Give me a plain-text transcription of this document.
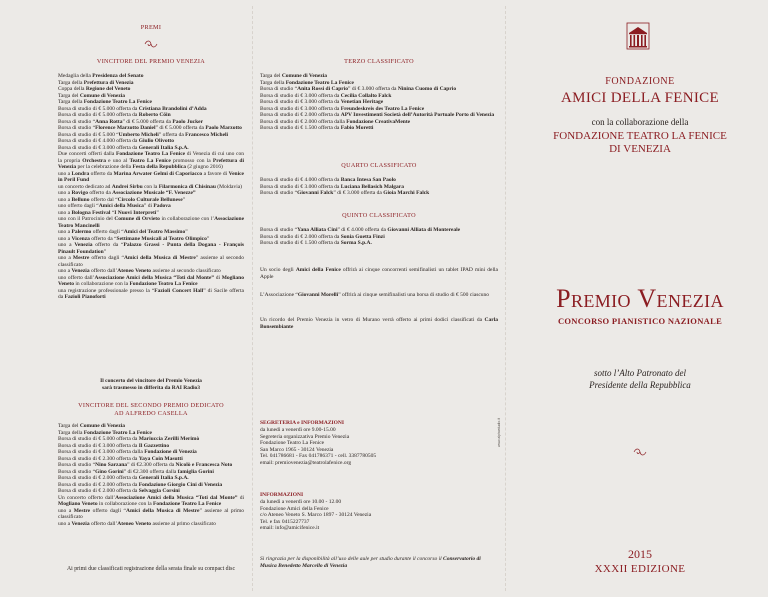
PREMI
VINCITORE DEL PREMIO VENEZIA
Medaglia della Presidenza del Senato
Targa della Prefettura di Venezia
Coppa della Regione del Veneto
Targa del Comune di Venezia
Targa della Fondazione Teatro La Fenice
Borsa di studio di € 5.000 offerta da Cristiana Brandolini d’Adda
Borsa di studio di € 5.000 offerta da Roberto Cöin
Borsa di studio “Anna Rotta” di € 5.000 offerta da Paolo Jucker
Borsa di studio “Florence Marzotto Daniel” di € 5.000 offerta da Paolo Marzotto
Borsa di studio di € 5.000 “Umberto Micheli” offerta da Francesco Micheli
Borsa di studio di € 4.000 offerta da Giulio Olivotto
Borsa di studio di € 3.000 offerta da Generali Italia S.p.A.
Due concerti offerti dalla Fondazione Teatro La Fenice di Venezia di cui uno con la propria Orchestra e uno al Teatro La Fenice promosso con la Prefettura di Venezia per la celebrazione della Festa della Repubblica (2 giugno 2016)
uno a Londra offerto da Marina Arwater Gelmi di Caporiacco a favore di Venice in Peril Fund
un concerto dedicato ad Andrei Sirbu con la Filarmonica di Chisinau (Moldavia)
uno a Rovigo offerto da Associazione Musicale “F. Venezze”
uno a Belluno offerto dal “Circolo Culturale Bellunese”
uno offerto dagli “Amici della Musica” di Padova
uno a Bologna Festival “I Nuovi Interpreti”
uno con il Patrocinio del Comune di Orvieto in collaborazione con l’Associazione Teatro Mancinelli
uno a Palermo offerto dagli “Amici del Teatro Massimo”
uno a Vicenza offerto da “Settimane Musicali al Teatro Olimpico”
uno a Venezia offerto da “Palazzo Grassi - Punta della Dogana - François Pinault Foundation”
uno a Mestre offerto dagli “Amici della Musica di Mestre” assieme al secondo classificato
uno a Venezia offerto dall’Ateneo Veneto assieme al secondo classificato
uno offerto dall’Associazione Amici della Musica “Toti dal Monte” di Mogliano Veneto in collaborazione con la Fondazione Teatro La Fenice
una registrazione professionale presso la “Fazioli Concert Hall” di Sacile offerta da Fazioli Pianoforti
Il concerto del vincitore del Premio Venezia
sarà trasmesso in differita da RAI Radio3
VINCITORE DEL SECONDO PREMIO DEDICATO
AD ALFREDO CASELLA
Targa del Comune di Venezia
Targa della Fondazione Teatro La Fenice
Borsa di studio di € 5.000 offerta da Mariuccia Zerilli Merimò
Borsa di studio di € 3.000 offerta da Il Gazzettino
Borsa di studio di € 3.000 offerta dalla Fondazione di Venezia
Borsa di studio di € 2.300 offerta da Yaya Coin Masutti
Borsa di studio “Nino Sarzana” di €2.300 offerta da Nicolò e Francesca Noto
Borsa di studio “Gino Gorini” di €2.300 offerta dalla famiglia Gorini
Borsa di studio di € 2.000 offerta da Generali Italia S.p.A.
Borsa di studio di € 2.000 offerta da Fondazione Giorgio Cini di Venezia
Borsa di studio di € 2.000 offerta da Selvaggia Corsini
Un concerto offerto dall’Associazione Amici della Musica “Toti dal Monte” di Mogliano Veneto in collaborazione con la Fondazione Teatro La Fenice
uno a Mestre offerto dagli “Amici della Musica di Mestre” assieme al primo classificato
uno a Venezia offerto dall’Ateneo Veneto assieme al primo classificato
Ai primi due classificati registrazione della serata finale su compact disc
TERZO CLASSIFICATO
Targa del Comune di Venezia
Targa della Fondazione Teatro La Fenice
Borsa di studio “Anita Rossi di Caprio” di € 3.000 offerta da Ninina Cuomo di Caprio
Borsa di studio di € 3.000 offerta da Cecilia Collalto Falck
Borsa di studio di € 3.000 offerta da Venetian Heritage
Borsa di studio di € 3.000 offerta da Freundeskreis des Teatro La Fenice
Borsa di studio di € 2.000 offerta da APV Investimenti Società dell’Autorità Portuale Porto di Venezia
Borsa di studio di € 2.000 offerta dalla Fondazione CreativaMente
Borsa di studio di € 1.500 offerta da Fabio Moretti
QUARTO CLASSIFICATO
Borsa di studio di € 4.000 offerta da Banca Intesa San Paolo
Borsa di studio di € 3.000 offerta da Luciana Bellasich Malgara
Borsa di studio “Giovanni Falck” di € 3.000 offerta da Gioia Marchi Falck
QUINTO CLASSIFICATO
Borsa di studio “Yana Alliata Cini” di € 4.000 offerta da Giovanni Alliata di Montereale
Borsa di studio di € 2.000 offerta da Sonia Guetta Finzi
Borsa di studio di € 1.500 offerta da Sorma S.p.A.
Un socio degli Amici della Fenice offrirà ai cinque concorrenti semifinalisti un tablet IPAD mini della Apple
L’Associazione “Giovanni Morelli” offrirà ai cinque semifinalisti una borsa di studio di € 500 ciascuno
Un ricordo del Premio Venezia in vetro di Murano verrà offerto ai primi dodici classificati da Carla Bonsembiante
SEGRETERIA e INFORMAZIONI
da lunedì a venerdì ore 9.00-15.00
Segreteria organizzativa Premio Venezia
Fondazione Teatro La Fenice
San Marco 1965 - 30124 Venezia
Tel. 041786681 - Fax 041786371 - cell. 3387780505
email: premiovenezia@teatrolafenice.org
INFORMAZIONI
da lunedì a venerdì ore 10.00 - 12.00
Fondazione Amici della Fenice
c/o Ateneo Veneto S. Marco 1897 - 30124 Venezia
Tel. e fax 0415227737
email: info@amicifenice.it
Si ringrazia per la disponibilità all’uso delle aule per studio durante il concorso il Conservatorio di Musica Benedetto Marcello di Venezia
www.alphastudio.it
FONDAZIONE
AMICI DELLA FENICE
con la collaborazione della
FONDAZIONE TEATRO LA FENICE
DI VENEZIA
Premio Venezia
CONCORSO PIANISTICO NAZIONALE
sotto l’Alto Patronato del
Presidente della Repubblica
2015
XXXII EDIZIONE
